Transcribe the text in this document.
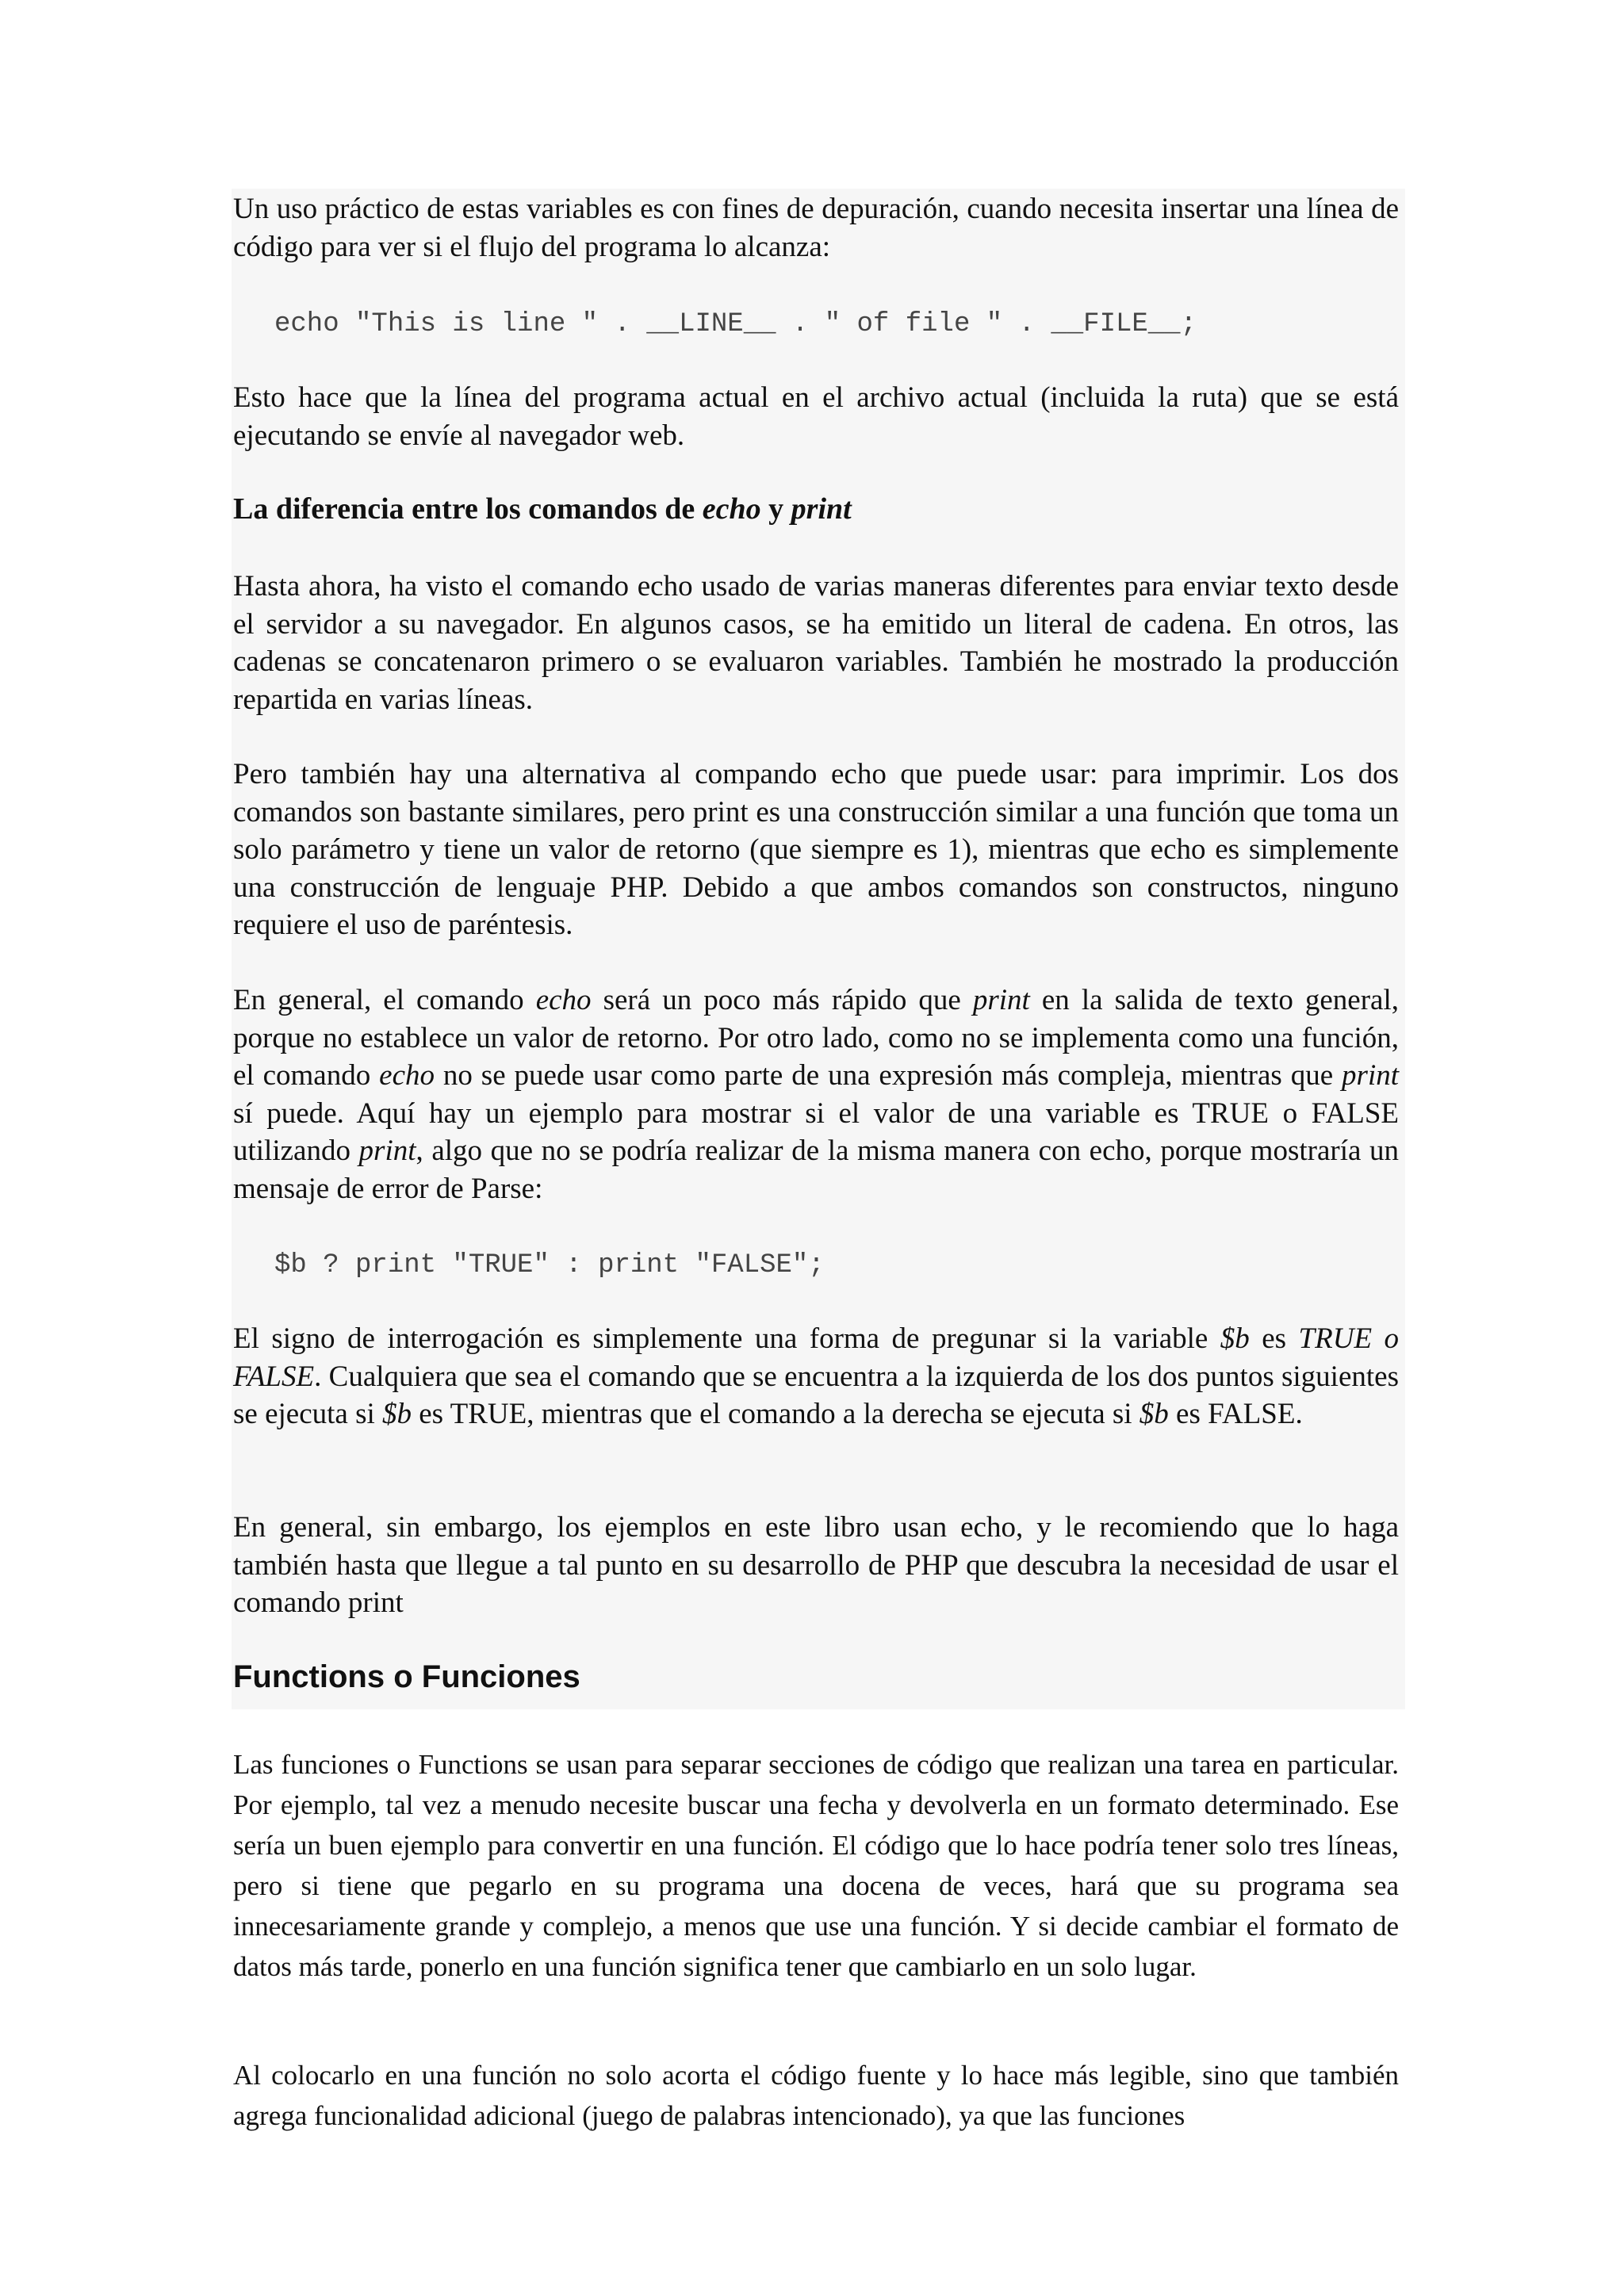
Un uso práctico de estas variables es con fines de depuración, cuando necesita insertar una línea de código para ver si el flujo del programa lo alcanza:

echo "This is line " . __LINE__ . " of file " . __FILE__;

Esto hace que la línea del programa actual en el archivo actual (incluida la ruta) que se está ejecutando se envíe al navegador web.

La diferencia entre los comandos de echo y print

Hasta ahora, ha visto el comando echo usado de varias maneras diferentes para enviar texto desde el servidor a su navegador. En algunos casos, se ha emitido un literal de cadena. En otros, las cadenas se concatenaron primero o se evaluaron variables. También he mostrado la producción repartida en varias líneas.

Pero también hay una alternativa al compando echo que puede usar: para imprimir. Los dos comandos son bastante similares, pero print es una construcción similar a una función que toma un solo parámetro y tiene un valor de retorno (que siempre es 1), mientras que echo es simplemente una construcción de lenguaje PHP. Debido a que ambos comandos son constructos, ninguno requiere el uso de paréntesis.

En general, el comando echo será un poco más rápido que print en la salida de texto general, porque no establece un valor de retorno. Por otro lado, como no se implementa como una función, el comando echo no se puede usar como parte de una expresión más compleja, mientras que print sí puede. Aquí hay un ejemplo para mostrar si el valor de una variable es TRUE o FALSE utilizando print, algo que no se podría realizar de la misma manera con echo, porque mostraría un mensaje de error de Parse:

$b ? print "TRUE" : print "FALSE";

El signo de interrogación es simplemente una forma de pregunar si la variable $b es TRUE o FALSE. Cualquiera que sea el comando que se encuentra a la izquierda de los dos puntos siguientes se ejecuta si $b es TRUE, mientras que el comando a la derecha se ejecuta si $b es FALSE.

En general, sin embargo, los ejemplos en este libro usan echo, y le recomiendo que lo haga también hasta que llegue a tal punto en su desarrollo de PHP que descubra la necesidad de usar el comando print

Functions o Funciones

Las funciones o Functions se usan para separar secciones de código que realizan una tarea en particular. Por ejemplo, tal vez a menudo necesite buscar una fecha y devolverla en un formato determinado. Ese sería un buen ejemplo para convertir en una función. El código que lo hace podría tener solo tres líneas, pero si tiene que pegarlo en su programa una docena de veces, hará que su programa sea innecesariamente grande y complejo, a menos que use una función. Y si decide cambiar el formato de datos más tarde, ponerlo en una función significa tener que cambiarlo en un solo lugar.

Al colocarlo en una función no solo acorta el código fuente y lo hace más legible, sino que también agrega funcionalidad adicional (juego de palabras intencionado), ya que las funciones
